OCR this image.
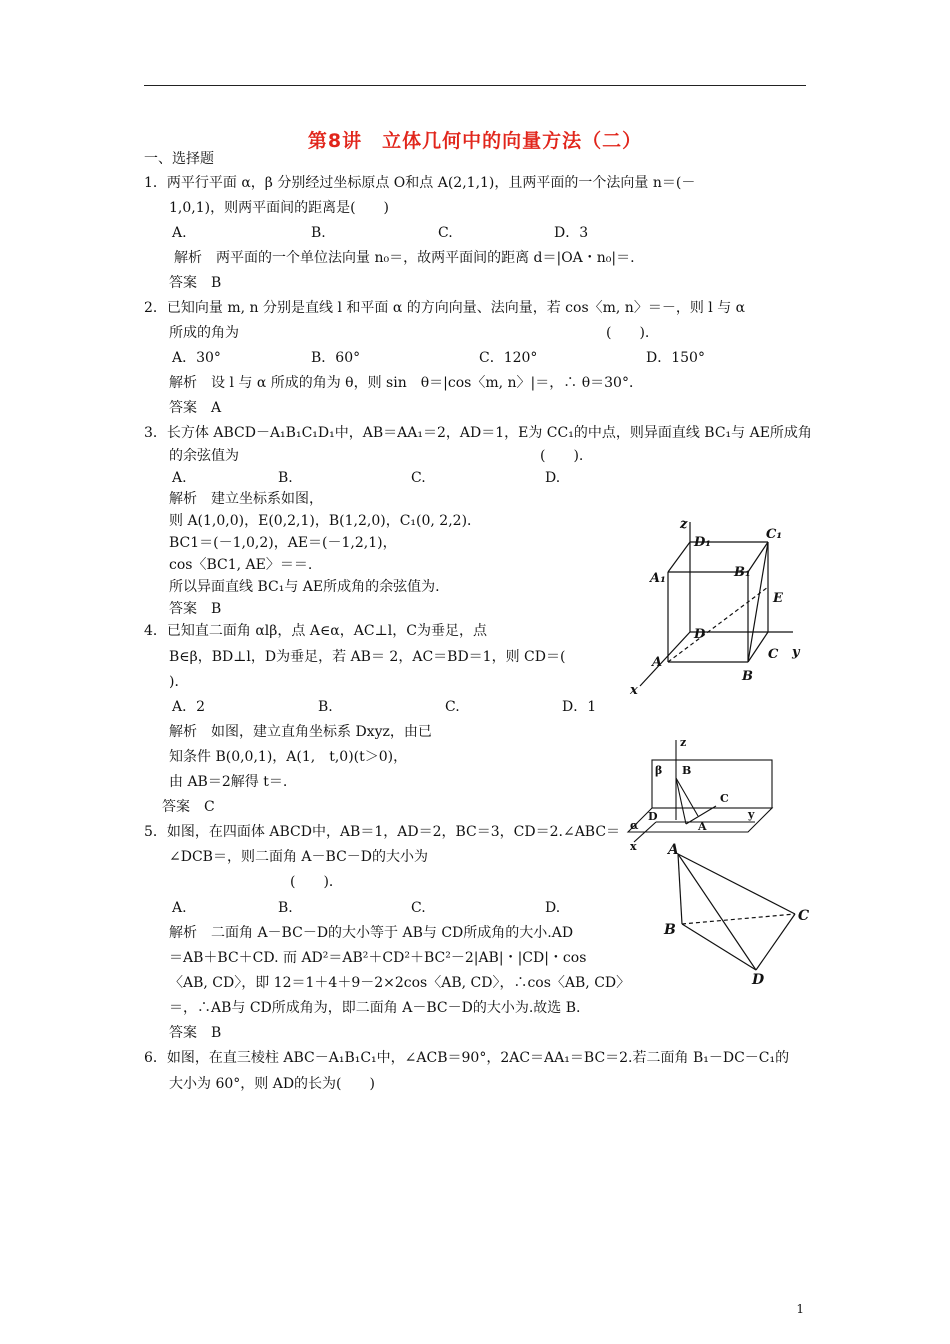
第8讲　立体几何中的向量方法（二）
一、选择题
1．两平行平面 α，β 分别经过坐标原点 O和点 A(2,1,1)，且两平面的一个法向量 n＝(－
1,0,1)，则两平面间的距离是(　　)
A.	B.	C.	D．3
解析　两平面的一个单位法向量 n₀＝，故两平面间的距离 d＝|OA・n₀|＝.
答案　B
2．已知向量 m, n 分别是直线 l 和平面 α 的方向向量、法向量，若 cos〈m, n〉＝－，则 l 与 α
所成的角为	(　　).
A．30°	B．60°	C．120°	D．150°
解析　设 l 与 α 所成的角为 θ，则 sin　θ＝|cos〈m, n〉|＝，∴ θ＝30°．
答案　A
3．长方体 ABCD－A₁B₁C₁D₁中，AB＝AA₁＝2，AD＝1，E为 CC₁的中点，则异面直线 BC₁与 AE所成角
的余弦值为	(　　).
A.	B.	C.	D.
解析　建立坐标系如图，
则 A(1,0,0)，E(0,2,1)，B(1,2,0)，C₁(0, 2,2)．
BC1＝(－1,0,2)，AE＝(－1,2,1)，
cos〈BC1, AE〉＝＝.
所以异面直线 BC₁与 AE所成角的余弦值为.
答案　B
4．已知直二面角 αlβ，点 A∈α，AC⊥l，C为垂足，点
B∈β，BD⊥l，D为垂足，若 AB＝ 2，AC＝BD＝1，则 CD＝(
)．
A．2	B.	C.	D．1
解析　如图，建立直角坐标系 Dxyz，由已
知条件 B(0,0,1)，A(1,　t,0)(t＞0)，
由 AB＝2解得 t＝.
答案　C
5．如图，在四面体 ABCD中，AB＝1，AD＝2，BC＝3，CD＝2.∠ABC＝
∠DCB＝，则二面角 A－BC－D的大小为
(　　)．
A.	B.	C.	D.
解析　二面角 A－BC－D的大小等于 AB与 CD所成角的大小.AD
＝AB＋BC＋CD. 而 AD²＝AB²＋CD²＋BC²－2|AB|・|CD|・cos
〈AB, CD〉，即 12＝1＋4＋9－2×2cos〈AB, CD〉，∴cos〈AB, CD〉
＝，∴AB与 CD所成角为，即二面角 A－BC－D的大小为.故选 B.
答案　B
6．如图，在直三棱柱 ABC－A₁B₁C₁中，∠ACB＝90°，2AC＝AA₁＝BC＝2.若二面角 B₁－DC－C₁的
大小为 60°，则 AD的长为(　　)
z
D₁
C₁
A₁	B₁
E
D
C y
A
B
x
z
β B
C
α
D
A
y
x A
B
C
D
1
